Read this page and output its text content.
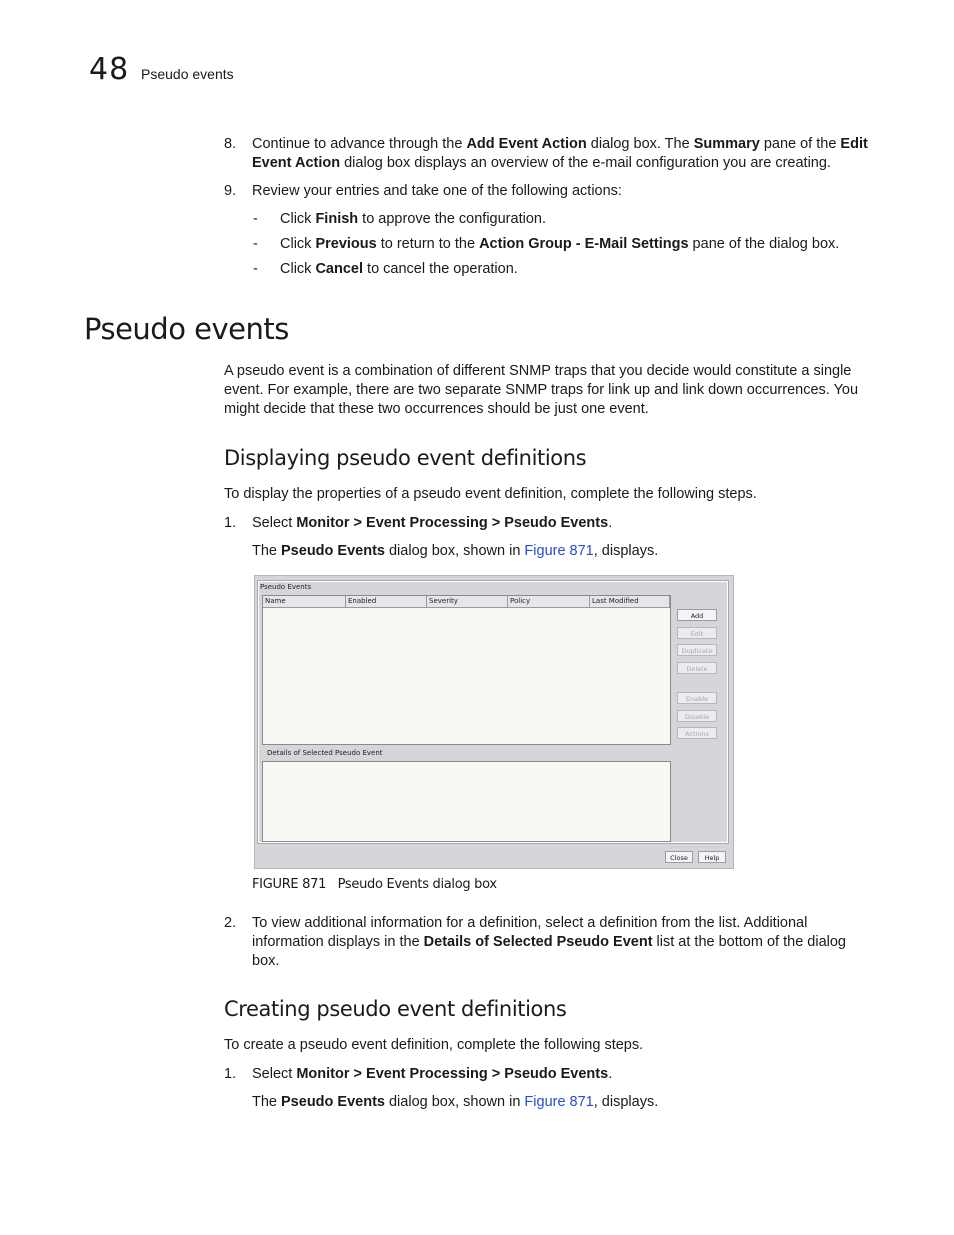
48 Pseudo events
8. Continue to advance through the Add Event Action dialog box. The Summary pane of the Edit
Event Action dialog box displays an overview of the e-mail configuration you are creating.
9. Review your entries and take one of the following actions:
- Click Finish to approve the configuration.
- Click Previous to return to the Action Group - E-Mail Settings pane of the dialog box.
- Click Cancel to cancel the operation.
Pseudo events
A pseudo event is a combination of different SNMP traps that you decide would constitute a single
event. For example, there are two separate SNMP traps for link up and link down occurrences. You
might decide that these two occurrences should be just one event.
Displaying pseudo event definitions
To display the properties of a pseudo event definition, complete the following steps.
1. Select Monitor > Event Processing > Pseudo Events.
The Pseudo Events dialog box, shown in Figure 871, displays.
Pseudo Events
Name	Enabled	Severity	Policy	Last Modified
Details of Selected Pseudo Event
Add
Edit
Duplicate
Delete
Enable
Disable
Actions
Close	Help
FIGURE 871 Pseudo Events dialog box
2. To view additional information for a definition, select a definition from the list. Additional
information displays in the Details of Selected Pseudo Event list at the bottom of the dialog
box.
Creating pseudo event definitions
To create a pseudo event definition, complete the following steps.
1. Select Monitor > Event Processing > Pseudo Events.
The Pseudo Events dialog box, shown in Figure 871, displays.
